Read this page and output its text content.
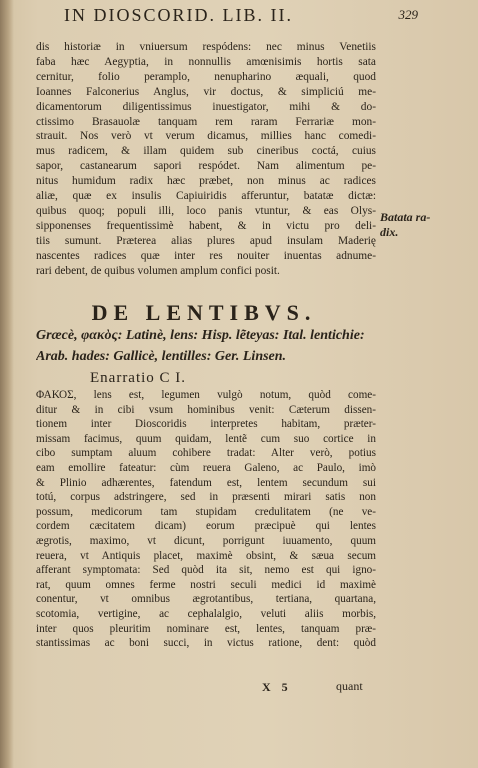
IN DIOSCORID. LIB. II.	329
dis historiæ in vniuersum respódens: nec minus Venetiis
faba hæc Aegyptia, in nonnullis amœnisimis hortis sata
cernitur, folio peramplo, nenupharino æquali, quod
Ioannes Falconerius Anglus, vir doctus, & simpliciú me-
dicamentorum diligentissimus inuestigator, mihi & do-
ctissimo Brasauolæ tanquam rem raram Ferrariæ mon-
strauit. Nos verò vt verum dicamus, millies hanc comedi-
mus radicem, & illam quidem sub cineribus coctá, cuius
sapor, castanearum sapori respódet. Nam alimentum pe-
nitus humidum radix hæc præbet, non minus ac radices
aliæ, quæ ex insulis Capiuiridis afferuntur, batatæ dictæ:
quibus quoq; populi illi, loco panis vtuntur, & eas Olys-
sipponenses frequentissimè habent, & in victu pro deli-
tiis sumunt. Præterea alias plures apud insulam Maderię
nascentes radices quæ inter res nouiter inuentas adnume-
rari debent, de quibus volumen amplum confici posit.
Batata ra-
dix.
DE LENTIBVS.
Græcè, φακὸς: Latinè, lens: Hisp. lẽteyas: Ital. lentichie:
Arab. hades: Gallicè, lentilles: Ger. Linsen.
Enarratio C I.
ΦΑΚΟΣ, lens est, legumen vulgò notum, quòd come-
ditur & in cibi vsum hominibus venit: Cæterum dissen-
tionem inter Dioscoridis interpretes habitam, præter-
missam facimus, quum quidam, lentẽ cum suo cortice in
cibo sumptam aluum cohibere tradat: Alter verò, potius
eam emollire fateatur: cùm reuera Galeno, ac Paulo, imò
& Plinio adhærentes, fatendum est, lentem secundum sui
totú, corpus adstringere, sed in præsenti mirari satis non
possum, medicorum tam stupidam credulitatem (ne ve-
cordem cæcitatem dicam) eorum præcipuè qui lentes
ægrotis, maximo, vt dicunt, porrigunt iuuamento, quum
reuera, vt Antiquis placet, maximè obsint, & sæua secum
afferant symptomata: Sed quòd ita sit, nemo est qui igno-
rat, quum omnes ferme nostri seculi medici id maximè
conentur, vt omnibus ægrotantibus, tertiana, quartana,
scotomia, vertigine, ac cephalalgio, veluti aliis morbis,
inter quos pleuritim nominare est, lentes, tanquam præ-
stantissimas ac boni succi, in victus ratione, dent: quòd
X 5	quant
